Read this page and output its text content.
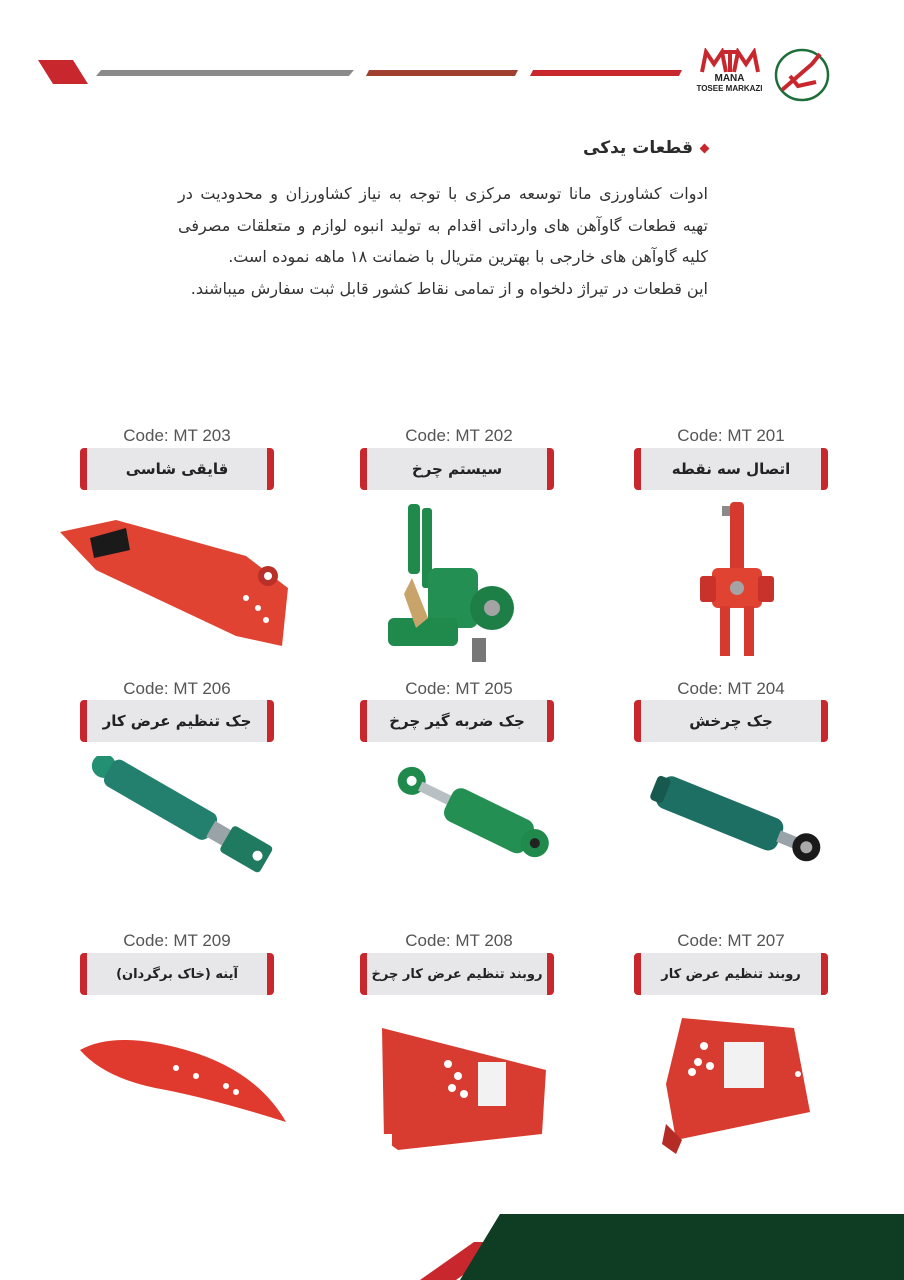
MANA
TOSEE MARKAZI
قطعات یدکی

ادوات کشاورزی مانا توسعه مرکزی با توجه به نیاز کشاورزان و محدودیت در تهیه قطعات گاوآهن های وارداتی اقدام به تولید انبوه لوازم و متعلقات مصرفی کلیه گاوآهن های خارجی با بهترین متریال با ضمانت ۱۸ ماهه نموده است.

این قطعات در تیراژ دلخواه و از تمامی نقاط کشور قابل ثبت سفارش میباشند.

Code: MT 201
اتصال سه نقطه
Code: MT 202
سیستم چرخ
Code: MT 203
قایقی شاسی
Code: MT 204
جک چرخش
Code: MT 205
جک ضربه گیر چرخ
Code: MT 206
جک تنظیم عرض کار
Code: MT 207
روبند تنظیم عرض کار
Code: MT 208
روبند تنظیم عرض کار چرخ
Code: MT 209
آینه (خاک برگردان)
